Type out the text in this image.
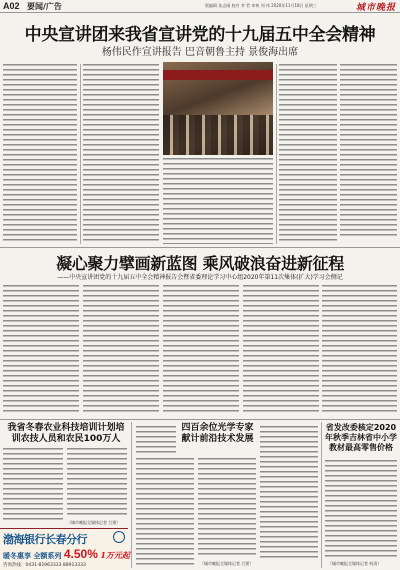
A02 要闻/广告	版编辑 张志刚 校对 李 哲 审核 刘 伟 2020年11月18日 星期三	城市晚报
中央宣讲团来我省宣讲党的十九届五中全会精神
杨伟民作宣讲报告 巴音朝鲁主持 景俊海出席
凝心聚力擘画新蓝图 乘风破浪奋进新征程
——中央宣讲团党的十九届五中全会精神报告会暨省委理论学习中心组2020年第11次集体(扩大)学习会侧记
我省冬春农业科技培训计划培训农技人员和农民100万人
（城市晚报全媒体记者 吕建）
渤海银行长春分行
暖冬惠享 全额系列 4.50% 1万元起
咨询热线：0431-81963333 88913333
四百余位光学专家献计前沿技术发展
（城市晚报全媒体记者 吕建）
省发改委核定2020年秋季吉林省中小学教材最高零售价格
（城市晚报全媒体记者 何清）
